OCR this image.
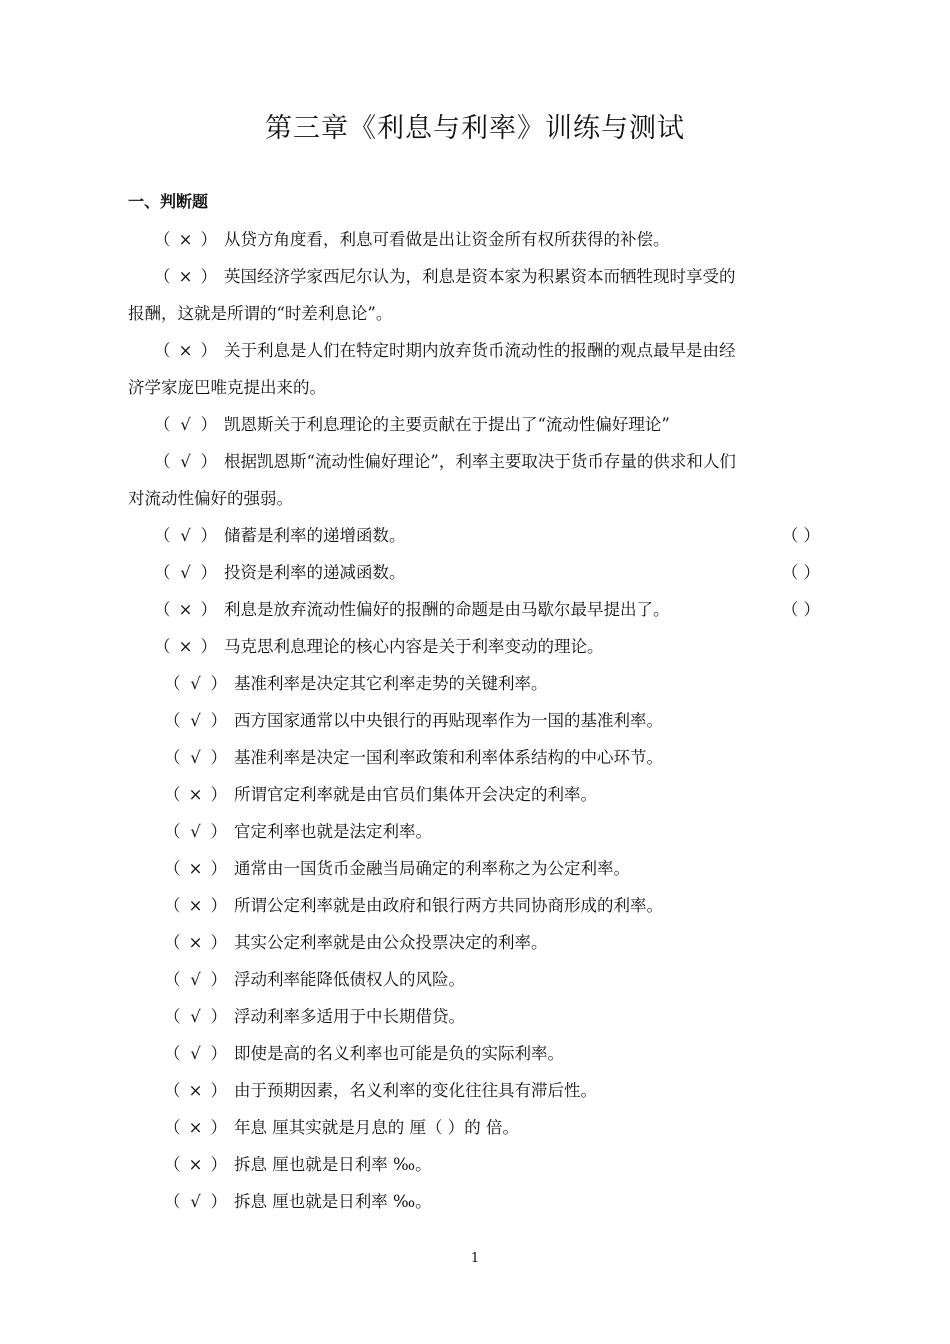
第三章《利息与利率》训练与测试
一、判断题
（ × ） 从贷方角度看，利息可看做是出让资金所有权所获得的补偿。
（ × ） 英国经济学家西尼尔认为，利息是资本家为积累资本而牺牲现时享受的
报酬，这就是所谓的“时差利息论”。
（ × ） 关于利息是人们在特定时期内放弃货币流动性的报酬的观点最早是由经
济学家庞巴唯克提出来的。
（ √ ） 凯恩斯关于利息理论的主要贡献在于提出了“流动性偏好理论”
（ √ ） 根据凯恩斯“流动性偏好理论”，利率主要取决于货币存量的供求和人们
对流动性偏好的强弱。
（ √ ） 储蓄是利率的递增函数。	（ ）
（ √ ） 投资是利率的递减函数。	（ ）
（ × ） 利息是放弃流动性偏好的报酬的命题是由马歇尔最早提出了。	（ ）
（ × ） 马克思利息理论的核心内容是关于利率变动的理论。
（ √ ） 基准利率是决定其它利率走势的关键利率。
（ √ ） 西方国家通常以中央银行的再贴现率作为一国的基准利率。
（ √ ） 基准利率是决定一国利率政策和利率体系结构的中心环节。
（ × ） 所谓官定利率就是由官员们集体开会决定的利率。
（ √ ） 官定利率也就是法定利率。
（ × ） 通常由一国货币金融当局确定的利率称之为公定利率。
（ × ） 所谓公定利率就是由政府和银行两方共同协商形成的利率。
（ × ） 其实公定利率就是由公众投票决定的利率。
（ √ ） 浮动利率能降低债权人的风险。
（ √ ） 浮动利率多适用于中长期借贷。
（ √ ） 即使是高的名义利率也可能是负的实际利率。
（ × ） 由于预期因素，名义利率的变化往往具有滞后性。
（ × ） 年息 厘其实就是月息的 厘（ ）的 倍。
（ × ） 拆息 厘也就是日利率 ‰。
（ √ ） 拆息 厘也就是日利率 ‰。
1
